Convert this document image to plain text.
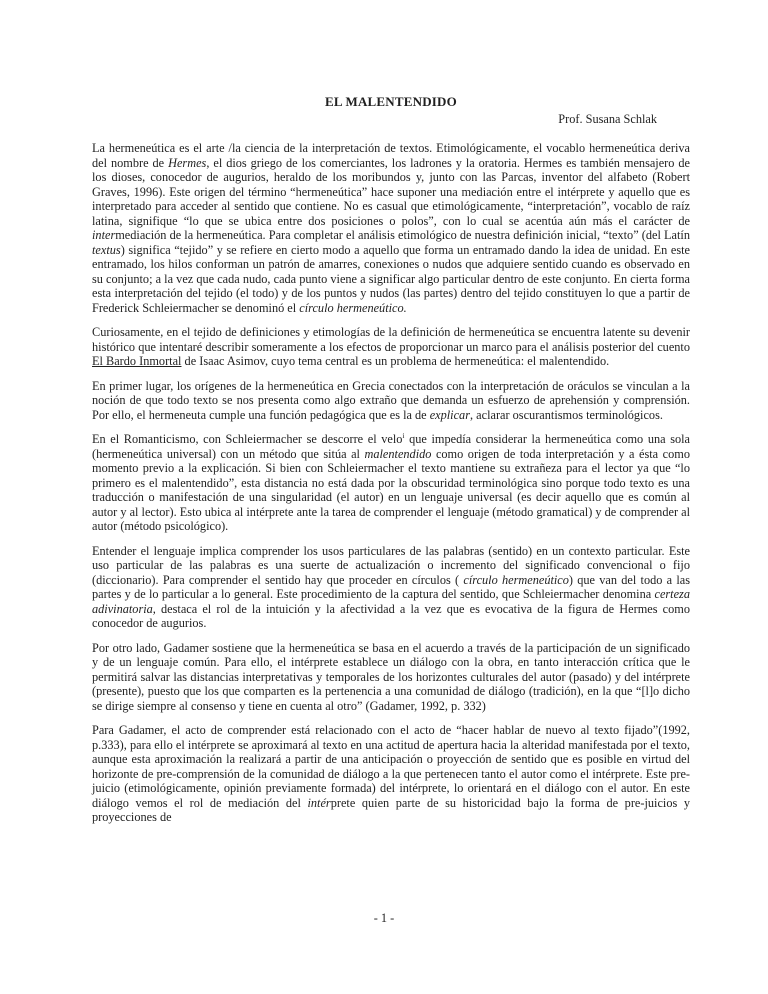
EL MALENTENDIDO
Prof. Susana Schlak

La hermeneútica es el arte /la ciencia de la interpretación de textos. Etimológicamente, el vocablo hermeneútica deriva del nombre de Hermes, el dios griego de los comerciantes, los ladrones y la oratoria. Hermes es también mensajero de los dioses, conocedor de augurios, heraldo de los moribundos y, junto con las Parcas, inventor del alfabeto (Robert Graves, 1996). Este origen del término “hermeneútica” hace suponer una mediación entre el intérprete y aquello que es interpretado para acceder al sentido que contiene. No es casual que etimológicamente, “interpretación”, vocablo de raíz latina, signifique “lo que se ubica entre dos posiciones o polos”, con lo cual se acentúa aún más el carácter de intermediación de la hermeneútica. Para completar el análisis etimológico de nuestra definición inicial, “texto” (del Latín textus) significa “tejido” y se refiere en cierto modo a aquello que forma un entramado dando la idea de unidad. En este entramado, los hilos conforman un patrón de amarres, conexiones o nudos que adquiere sentido cuando es observado en su conjunto; a la vez que cada nudo, cada punto viene a significar algo particular dentro de este conjunto. En cierta forma esta interpretación del tejido (el todo) y de los puntos y nudos (las partes) dentro del tejido constituyen lo que a partir de Frederick Schleiermacher se denominó el círculo hermeneútico.

Curiosamente, en el tejido de definiciones y etimologías de la definición de hermeneútica se encuentra latente su devenir histórico que intentaré describir someramente a los efectos de proporcionar un marco para el análisis posterior del cuento El Bardo Inmortal de Isaac Asimov, cuyo tema central es un problema de hermeneútica: el malentendido.

En primer lugar, los orígenes de la hermeneútica en Grecia conectados con la interpretación de oráculos se vinculan a la noción de que todo texto se nos presenta como algo extraño que demanda un esfuerzo de aprehensión y comprensión. Por ello, el hermeneuta cumple una función pedagógica que es la de explicar, aclarar oscurantismos terminológicos.

En el Romanticismo, con Schleiermacher se descorre el velo$^i$ que impedía considerar la hermeneútica como una sola (hermeneútica universal) con un método que sitúa al malentendido como origen de toda interpretación y a ésta como momento previo a la explicación. Si bien con Schleiermacher el texto mantiene su extrañeza para el lector ya que “lo primero es el malentendido”, esta distancia no está dada por la obscuridad terminológica sino porque todo texto es una traducción o manifestación de una singularidad (el autor) en un lenguaje universal (es decir aquello que es común al autor y al lector). Esto ubica al intérprete ante la tarea de comprender el lenguaje (método gramatical) y de comprender al autor (método psicológico).

Entender el lenguaje implica comprender los usos particulares de las palabras (sentido) en un contexto particular. Este uso particular de las palabras es una suerte de actualización o incremento del significado convencional o fijo (diccionario). Para comprender el sentido hay que proceder en círculos ( círculo hermeneútico) que van del todo a las partes y de lo particular a lo general. Este procedimiento de la captura del sentido, que Schleiermacher denomina certeza adivinatoria, destaca el rol de la intuición y la afectividad a la vez que es evocativa de la figura de Hermes como conocedor de augurios.

Por otro lado, Gadamer sostiene que la hermeneútica se basa en el acuerdo a través de la participación de un significado y de un lenguaje común. Para ello, el intérprete establece un diálogo con la obra, en tanto interacción crítica que le permitirá salvar las distancias interpretativas y temporales de los horizontes culturales del autor (pasado) y del intérprete (presente), puesto que los que comparten es la pertenencia a una comunidad de diálogo (tradición), en la que “[l]o dicho se dirige siempre al consenso y tiene en cuenta al otro” (Gadamer, 1992, p. 332)

Para Gadamer, el acto de comprender está relacionado con el acto de “hacer hablar de nuevo al texto fijado”(1992, p.333), para ello el intérprete se aproximará al texto en una actitud de apertura hacia la alteridad manifestada por el texto, aunque esta aproximación la realizará a partir de una anticipación o proyección de sentido que es posible en virtud del horizonte de pre-comprensión de la comunidad de diálogo a la que pertenecen tanto el autor como el intérprete. Este pre-juicio (etimológicamente, opinión previamente formada) del intérprete, lo orientará en el diálogo con el autor. En este diálogo vemos el rol de mediación del intérprete quien parte de su historicidad bajo la forma de pre-juicios y proyecciones de

- 1 -
